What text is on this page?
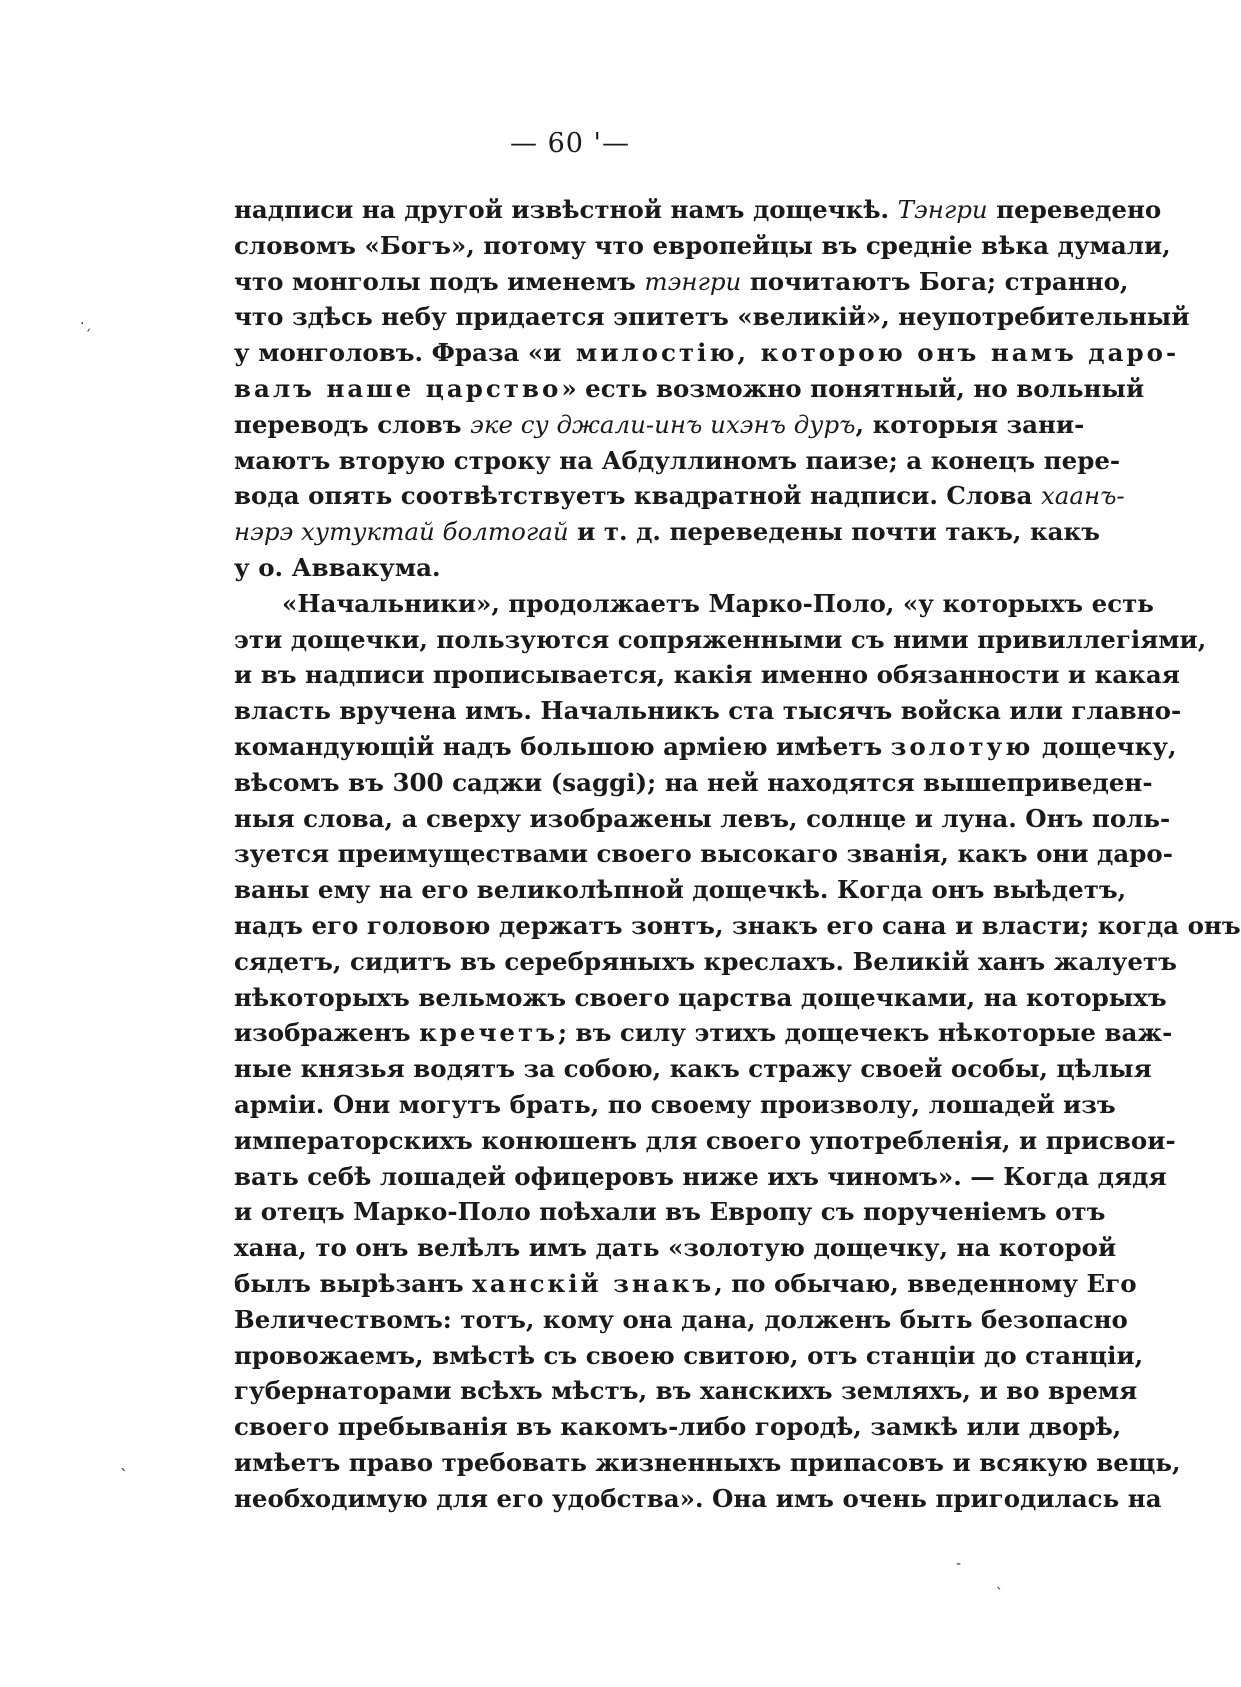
— 60 '—
надписи на другой извѣстной намъ дощечкѣ. Тэнгри переведено
словомъ «Богъ», потому что европейцы въ средніе вѣка думали,
что монголы подъ именемъ тэнгри почитаютъ Бога; странно,
что здѣсь небу придается эпитетъ «великій», неупотребительный
у монголовъ. Фраза «и милостію, которою онъ намъ даро-
валъ наше царство» есть возможно понятный, но вольный
переводъ словъ эке су джали-инъ ихэнъ дуръ, которыя зани-
маютъ вторую строку на Абдуллиномъ паизе; а конецъ пере-
вода опять соотвѣтствуетъ квадратной надписи. Слова хаанъ-
нэрэ хутуктай болтогай и т. д. переведены почти такъ, какъ
у о. Аввакума.
«Начальники», продолжаетъ Марко-Поло, «у которыхъ есть
эти дощечки, пользуются сопряженными съ ними привиллегіями,
и въ надписи прописывается, какія именно обязанности и какая
власть вручена имъ. Начальникъ ста тысячъ войска или главно-
командующій надъ большою арміею имѣетъ золотую дощечку,
вѣсомъ въ 300 саджи (saggi); на ней находятся вышеприведен-
ныя слова, а сверху изображены левъ, солнце и луна. Онъ поль-
зуется преимуществами своего высокаго званія, какъ они даро-
ваны ему на его великолѣпной дощечкѣ. Когда онъ выѣдетъ,
надъ его головою держатъ зонтъ, знакъ его сана и власти; когда онъ
сядетъ, сидитъ въ серебряныхъ креслахъ. Великій ханъ жалуетъ
нѣкоторыхъ вельможъ своего царства дощечками, на которыхъ
изображенъ кречетъ; въ силу этихъ дощечекъ нѣкоторые важ-
ные князья водятъ за собою, какъ стражу своей особы, цѣлыя
арміи. Они могутъ брать, по своему произволу, лошадей изъ
императорскихъ конюшенъ для своего употребленія, и присвои-
вать себѣ лошадей офицеровъ ниже ихъ чиномъ». — Когда дядя
и отецъ Марко-Поло поѣхали въ Европу съ порученіемъ отъ
хана, то онъ велѣлъ имъ дать «золотую дощечку, на которой
былъ вырѣзанъ ханскій знакъ, по обычаю, введенному Его
Величествомъ: тотъ, кому она дана, долженъ быть безопасно
провожаемъ, вмѣстѣ съ своею свитою, отъ станціи до станціи,
губернаторами всѣхъ мѣстъ, въ ханскихъ земляхъ, и во время
своего пребыванія въ какомъ-либо городѣ, замкѣ или дворѣ,
имѣетъ право требовать жизненныхъ припасовъ и всякую вещь,
необходимую для его удобства». Она имъ очень пригодилась на
·ˏ
ˎ
-
ˎ
